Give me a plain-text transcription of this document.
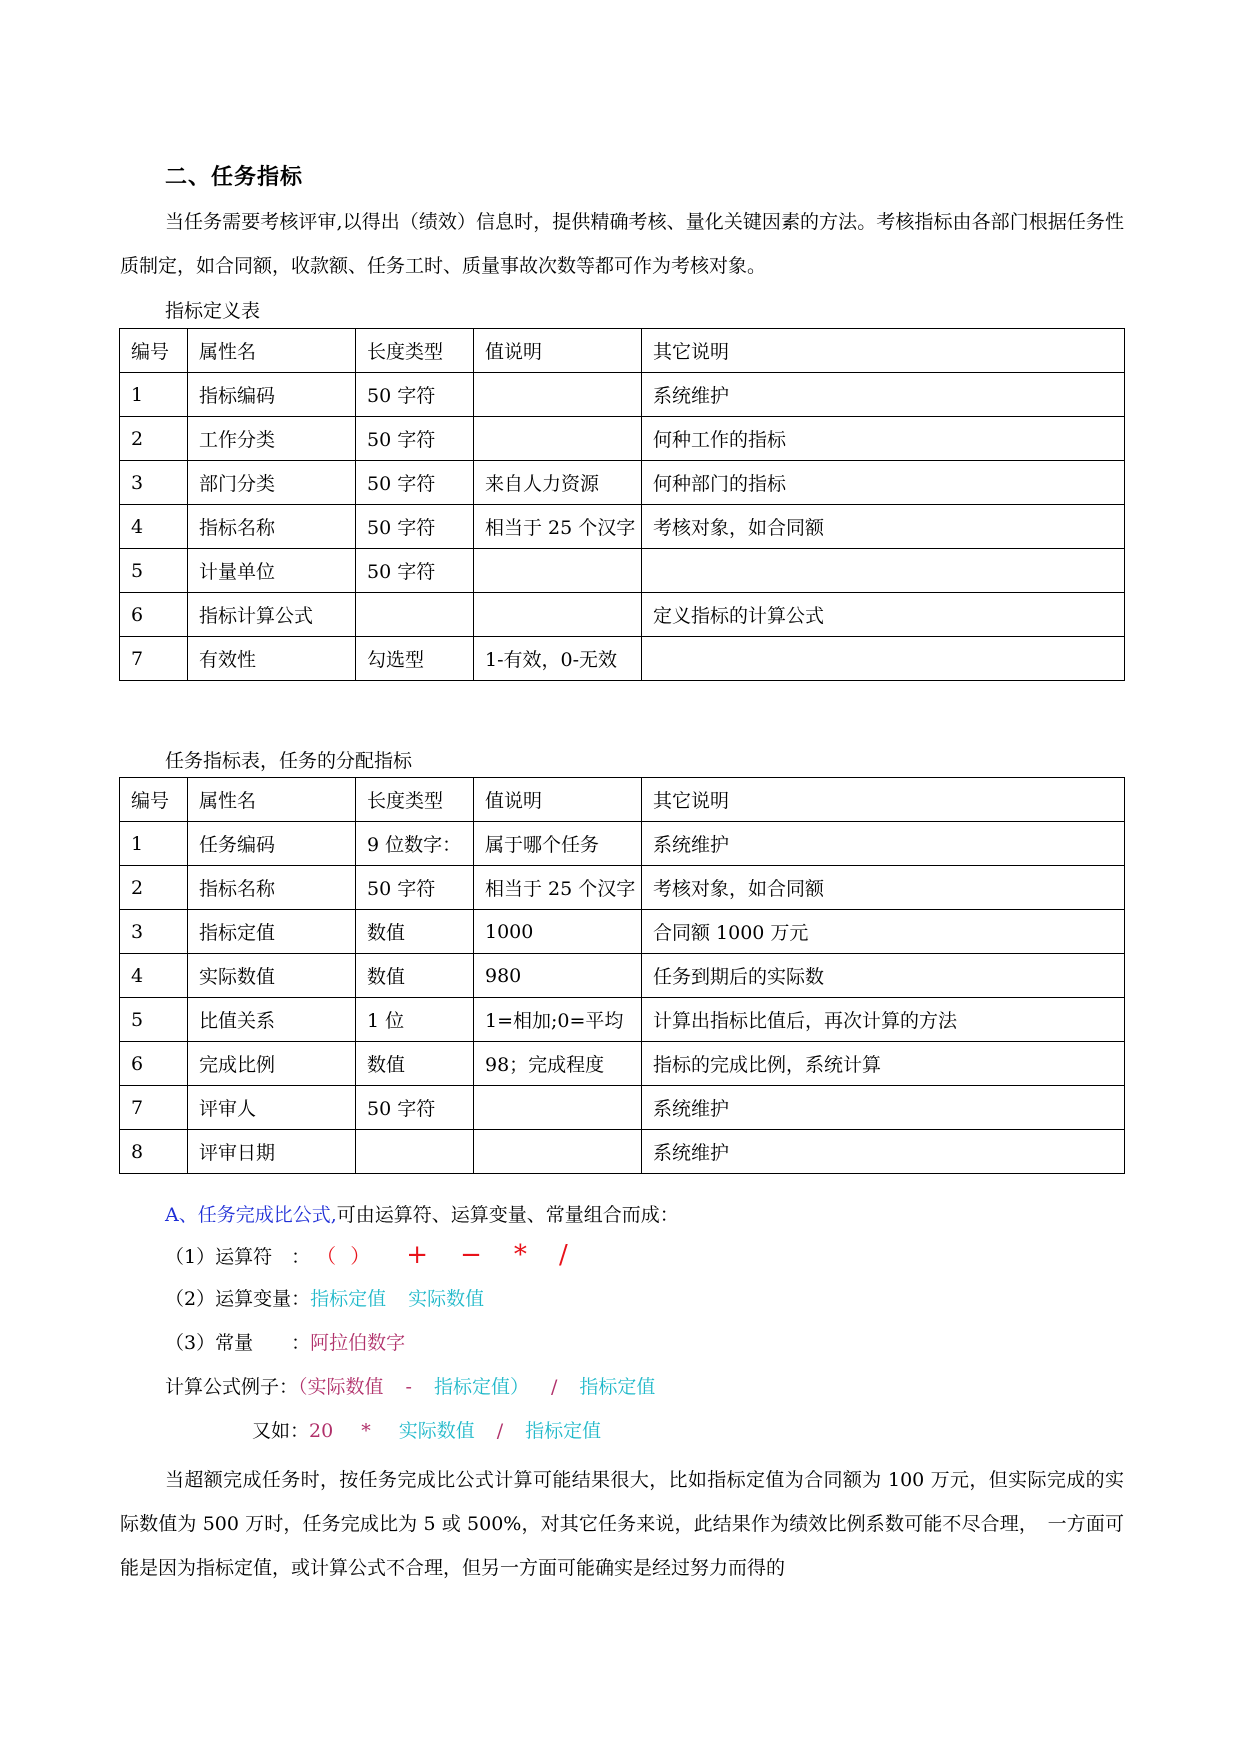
二、任务指标
当任务需要考核评审,以得出（绩效）信息时，提供精确考核、量化关键因素的方法。考核指标由各部门根据任务性质制定，如合同额，收款额、任务工时、质量事故次数等都可作为考核对象。
指标定义表
编号	属性名	长度类型	值说明	其它说明
1	指标编码	50 字符		系统维护
2	工作分类	50 字符		何种工作的指标
3	部门分类	50 字符	来自人力资源	何种部门的指标
4	指标名称	50 字符	相当于 25 个汉字	考核对象，如合同额
5	计量单位	50 字符		
6	指标计算公式			定义指标的计算公式
7	有效性	勾选型	1-有效，0-无效	
任务指标表，任务的分配指标
编号	属性名	长度类型	值说明	其它说明
1	任务编码	9 位数字：	属于哪个任务	系统维护
2	指标名称	50 字符	相当于 25 个汉字	考核对象，如合同额
3	指标定值	数值	1000	合同额 1000 万元
4	实际数值	数值	980	任务到期后的实际数
5	比值关系	1 位	1=相加;0=平均	计算出指标比值后，再次计算的方法
6	完成比例	数值	98；完成程度	指标的完成比例，系统计算
7	评审人	50 字符		系统维护
8	评审日期			系统维护
A、任务完成比公式,可由运算符、运算变量、常量组合而成：
（1）运算符　： （ ） + − * /
（2）运算变量：指标定值 实际数值
（3）常量　　：阿拉伯数字
计算公式例子：（实际数值 - 指标定值） / 指标定值
又如：20 * 实际数值 / 指标定值
当超额完成任务时，按任务完成比公式计算可能结果很大，比如指标定值为合同额为 100 万元，但实际完成的实际数值为 500 万时，任务完成比为 5 或 500%，对其它任务来说，此结果作为绩效比例系数可能不尽合理，　一方面可能是因为指标定值，或计算公式不合理，但另一方面可能确实是经过努力而得的
